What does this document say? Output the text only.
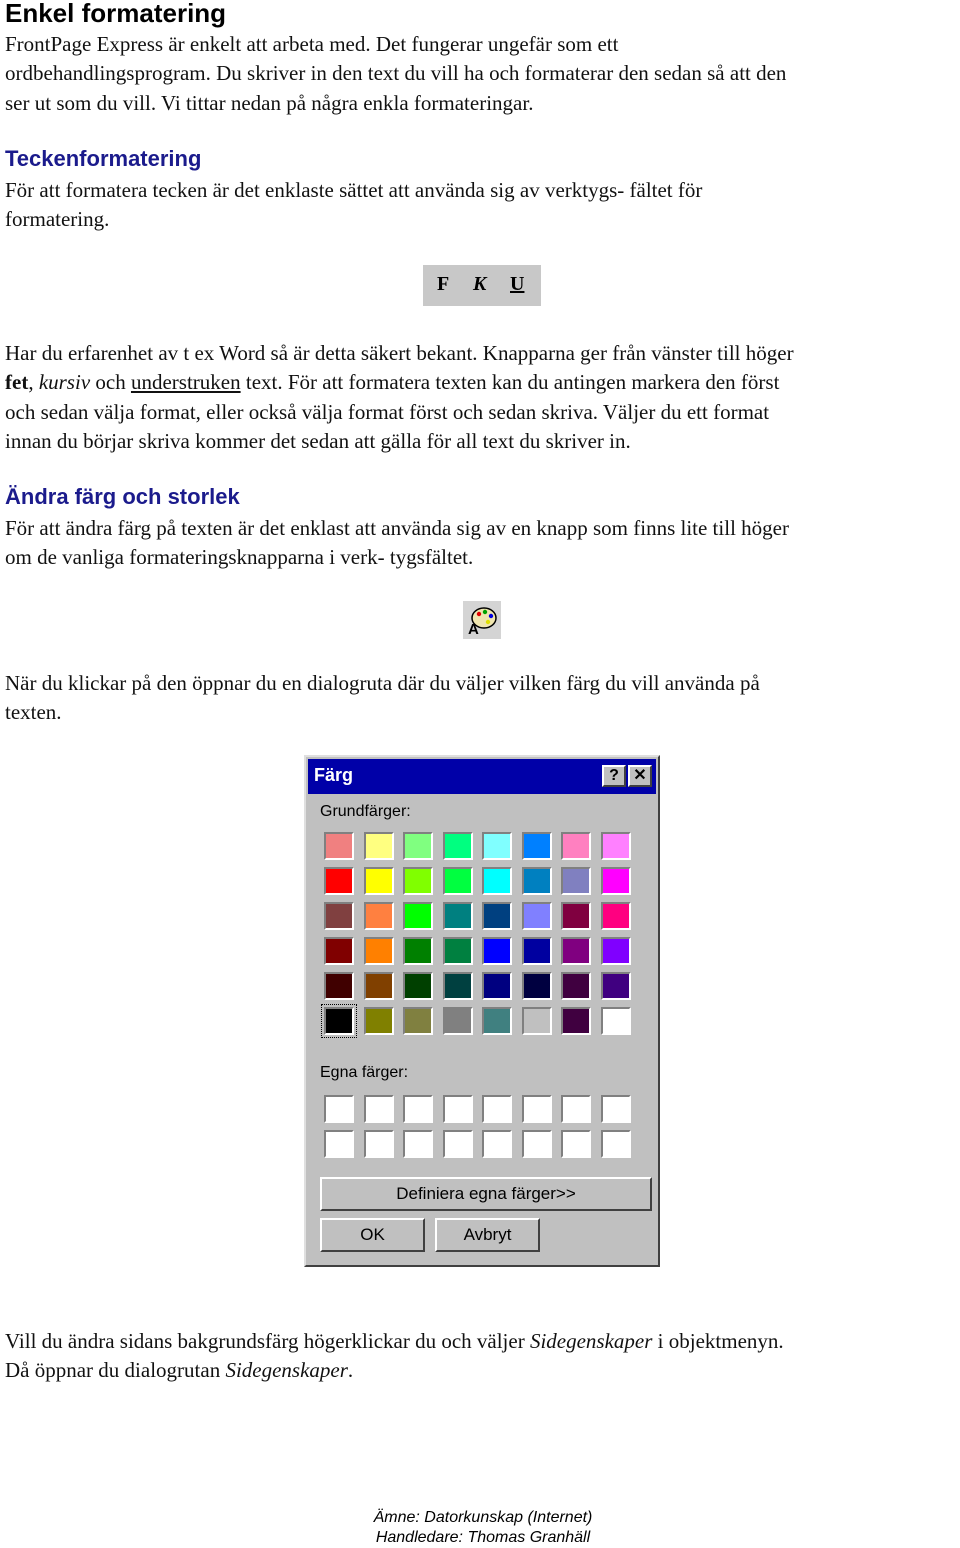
Enkel formatering
FrontPage Express är enkelt att arbeta med. Det fungerar ungefär som ett
ordbehandlingsprogram. Du skriver in den text du vill ha och formaterar den sedan så att den
ser ut som du vill. Vi tittar nedan på några enkla formateringar.
Teckenformatering
För att formatera tecken är det enklaste sättet att använda sig av verktygs- fältet för
formatering.
F K U
Har du erfarenhet av t ex Word så är detta säkert bekant. Knapparna ger från vänster till höger
fet, kursiv och understruken text. För att formatera texten kan du antingen markera den först
och sedan välja format, eller också välja format först och sedan skriva. Väljer du ett format
innan du börjar skriva kommer det sedan att gälla för all text du skriver in.
Ändra färg och storlek
För att ändra färg på texten är det enklast att använda sig av en knapp som finns lite till höger
om de vanliga formateringsknapparna i verk- tygsfältet.
A
När du klickar på den öppnar du en dialogruta där du väljer vilken färg du vill använda på
texten.
Färg	? ✕
Grundfärger:
Egna färger:
Definiera egna färger>>
OK	Avbryt
Vill du ändra sidans bakgrundsfärg högerklickar du och väljer Sidegenskaper i objektmenyn.
Då öppnar du dialogrutan Sidegenskaper.
Ämne: Datorkunskap (Internet)
Handledare: Thomas Granhäll
